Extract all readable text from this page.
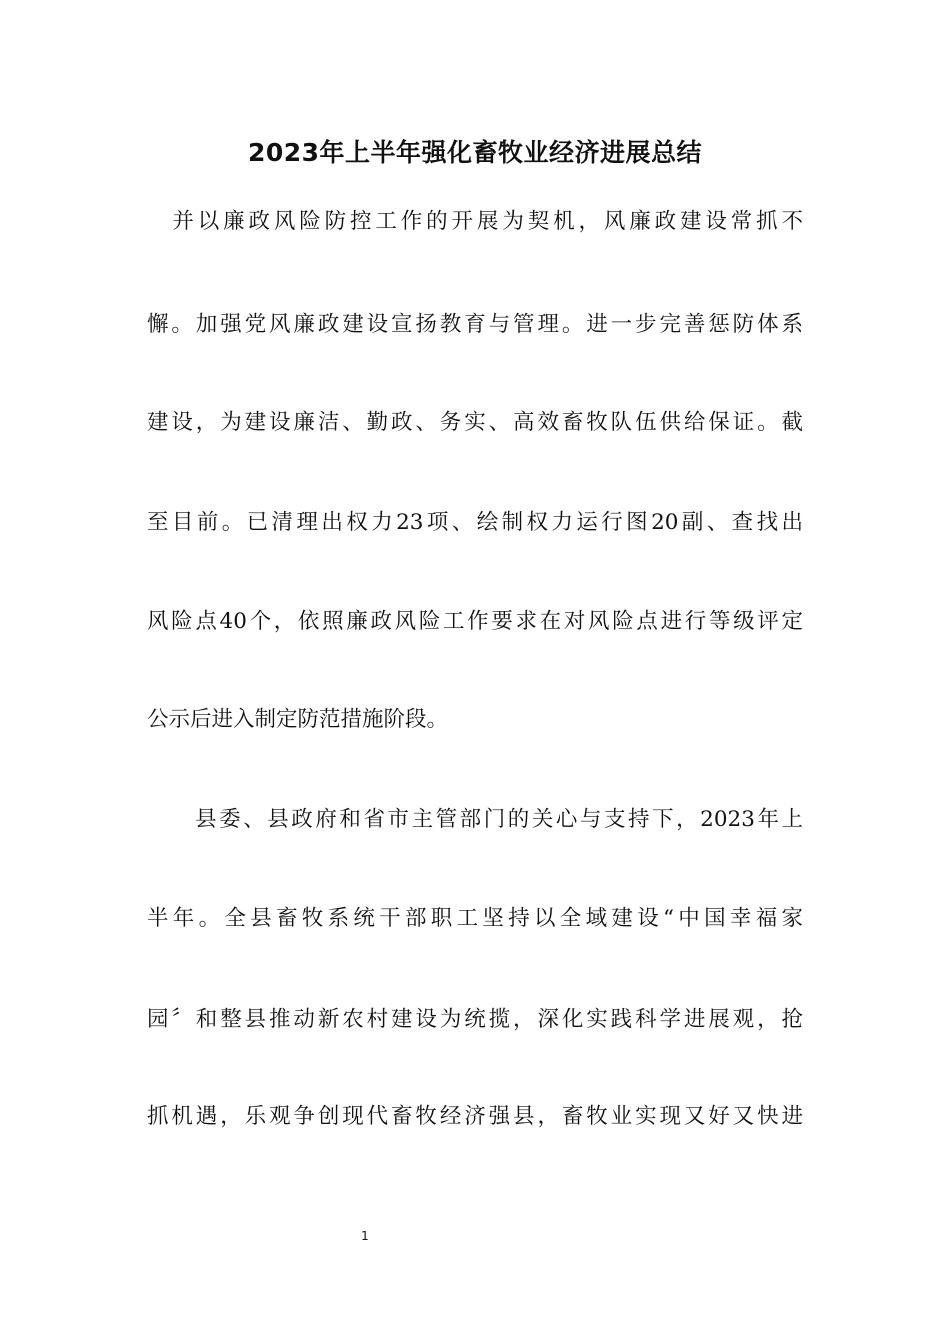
2023年上半年强化畜牧业经济进展总结

　并以廉政风险防控工作的开展为契机，风廉政建设常抓不

懈。加强党风廉政建设宣扬教育与管理。进一步完善惩防体系

建设，为建设廉洁、勤政、务实、高效畜牧队伍供给保证。截

至目前。已清理出权力23项、绘制权力运行图20副、查找出

风险点40个，依照廉政风险工作要求在对风险点进行等级评定

公示后进入制定防范措施阶段。

　　县委、县政府和省市主管部门的关心与支持下，2023年上

半年。全县畜牧系统干部职工坚持以全域建设“中国幸福家

园〞和整县推动新农村建设为统揽，深化实践科学进展观，抢

抓机遇，乐观争创现代畜牧经济强县，畜牧业实现又好又快进

1
